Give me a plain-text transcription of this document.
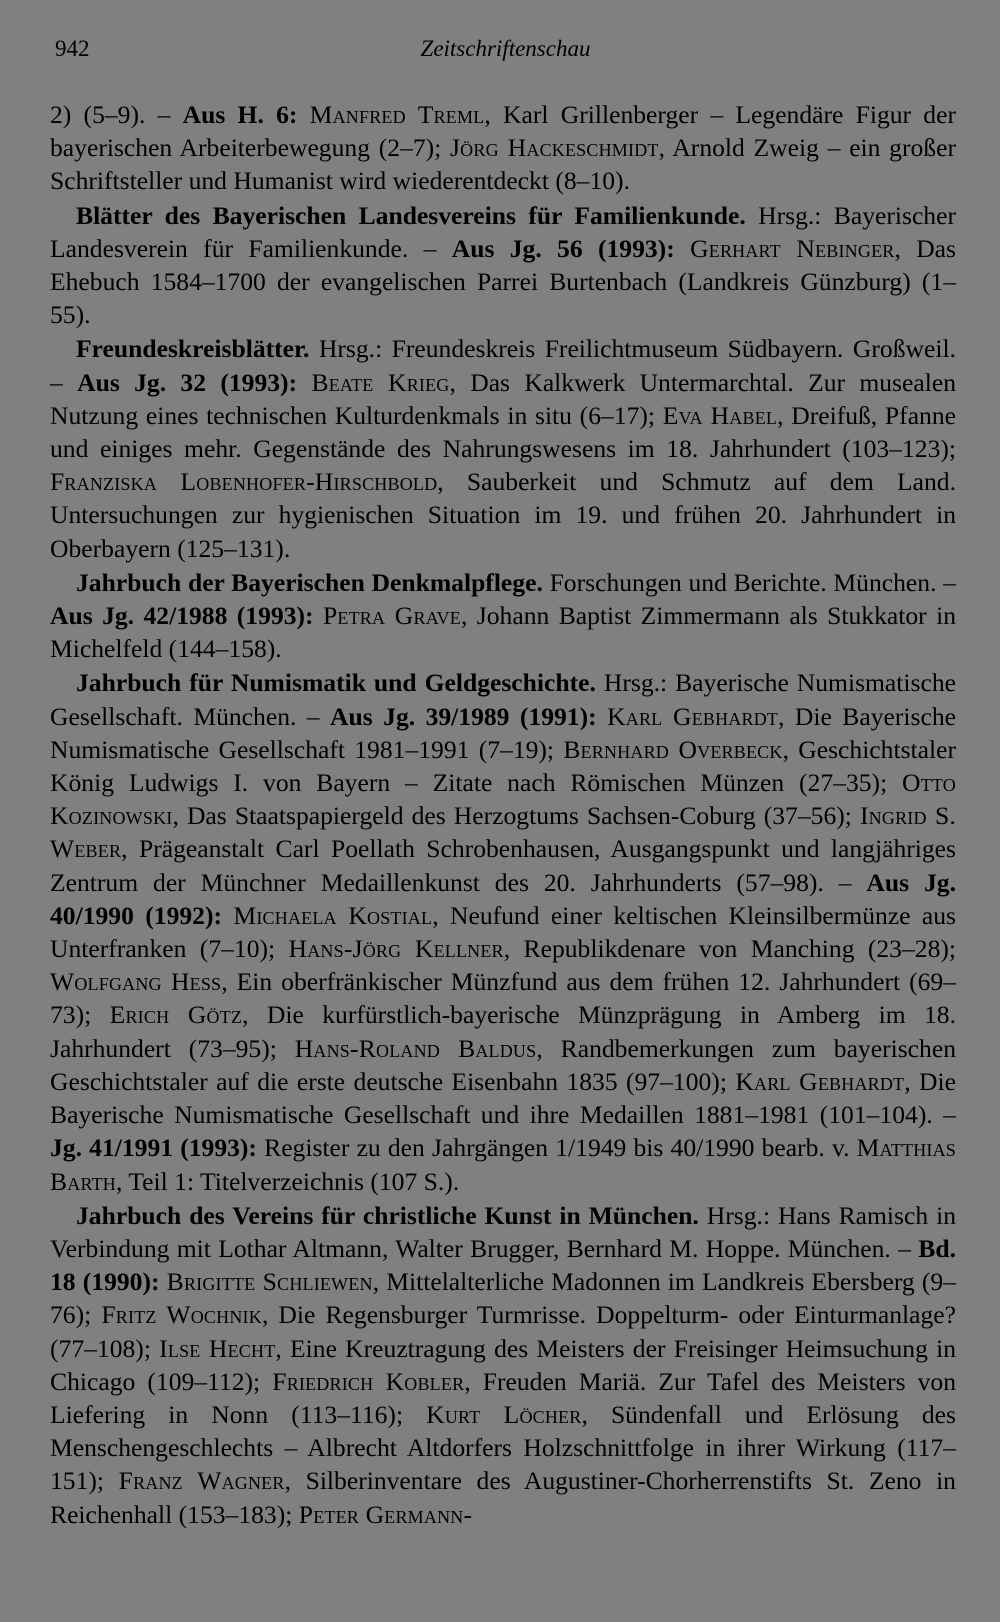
942	Zeitschriftenschau

2) (5–9). – Aus H. 6: Manfred Treml, Karl Grillenberger – Legendäre Figur der bayerischen Arbeiterbewegung (2–7); Jörg Hackeschmidt, Arnold Zweig – ein großer Schriftsteller und Humanist wird wiederentdeckt (8–10).

Blätter des Bayerischen Landesvereins für Familienkunde. Hrsg.: Bayerischer Landesverein für Familienkunde. – Aus Jg. 56 (1993): Gerhart Nebinger, Das Ehebuch 1584–1700 der evangelischen Parrei Burtenbach (Landkreis Günzburg) (1–55).

Freundeskreisblätter. Hrsg.: Freundeskreis Freilichtmuseum Südbayern. Großweil. – Aus Jg. 32 (1993): Beate Krieg, Das Kalkwerk Untermarchtal. Zur musealen Nutzung eines technischen Kulturdenkmals in situ (6–17); Eva Habel, Dreifuß, Pfanne und einiges mehr. Gegenstände des Nahrungswesens im 18. Jahrhundert (103–123); Franziska Lobenhofer-Hirschbold, Sauberkeit und Schmutz auf dem Land. Untersuchungen zur hygienischen Situation im 19. und frühen 20. Jahrhundert in Oberbayern (125–131).

Jahrbuch der Bayerischen Denkmalpflege. Forschungen und Berichte. München. – Aus Jg. 42/1988 (1993): Petra Grave, Johann Baptist Zimmermann als Stukkator in Michelfeld (144–158).

Jahrbuch für Numismatik und Geldgeschichte. Hrsg.: Bayerische Numismatische Gesellschaft. München. – Aus Jg. 39/1989 (1991): Karl Gebhardt, Die Bayerische Numismatische Gesellschaft 1981–1991 (7–19); Bernhard Overbeck, Geschichtstaler König Ludwigs I. von Bayern – Zitate nach Römischen Münzen (27–35); Otto Kozinowski, Das Staatspapiergeld des Herzogtums Sachsen-Coburg (37–56); Ingrid S. Weber, Prägeanstalt Carl Poellath Schrobenhausen, Ausgangspunkt und langjähriges Zentrum der Münchner Medaillenkunst des 20. Jahrhunderts (57–98). – Aus Jg. 40/1990 (1992): Michaela Kostial, Neufund einer keltischen Kleinsilbermünze aus Unterfranken (7–10); Hans-Jörg Kellner, Republikdenare von Manching (23–28); Wolfgang Hess, Ein oberfränkischer Münzfund aus dem frühen 12. Jahrhundert (69–73); Erich Götz, Die kurfürstlich-bayerische Münzprägung in Amberg im 18. Jahrhundert (73–95); Hans-Roland Baldus, Randbemerkungen zum bayerischen Geschichtstaler auf die erste deutsche Eisenbahn 1835 (97–100); Karl Gebhardt, Die Bayerische Numismatische Gesellschaft und ihre Medaillen 1881–1981 (101–104). – Jg. 41/1991 (1993): Register zu den Jahrgängen 1/1949 bis 40/1990 bearb. v. Matthias Barth, Teil 1: Titelverzeichnis (107 S.).

Jahrbuch des Vereins für christliche Kunst in München. Hrsg.: Hans Ramisch in Verbindung mit Lothar Altmann, Walter Brugger, Bernhard M. Hoppe. München. – Bd. 18 (1990): Brigitte Schliewen, Mittelalterliche Madonnen im Landkreis Ebersberg (9–76); Fritz Wochnik, Die Regensburger Turmrisse. Doppelturm- oder Einturmanlage? (77–108); Ilse Hecht, Eine Kreuztragung des Meisters der Freisinger Heimsuchung in Chicago (109–112); Friedrich Kobler, Freuden Mariä. Zur Tafel des Meisters von Liefering in Nonn (113–116); Kurt Löcher, Sündenfall und Erlösung des Menschengeschlechts – Albrecht Altdorfers Holzschnittfolge in ihrer Wirkung (117–151); Franz Wagner, Silberinventare des Augustiner-Chorherrenstifts St. Zeno in Reichenhall (153–183); Peter Germann-
